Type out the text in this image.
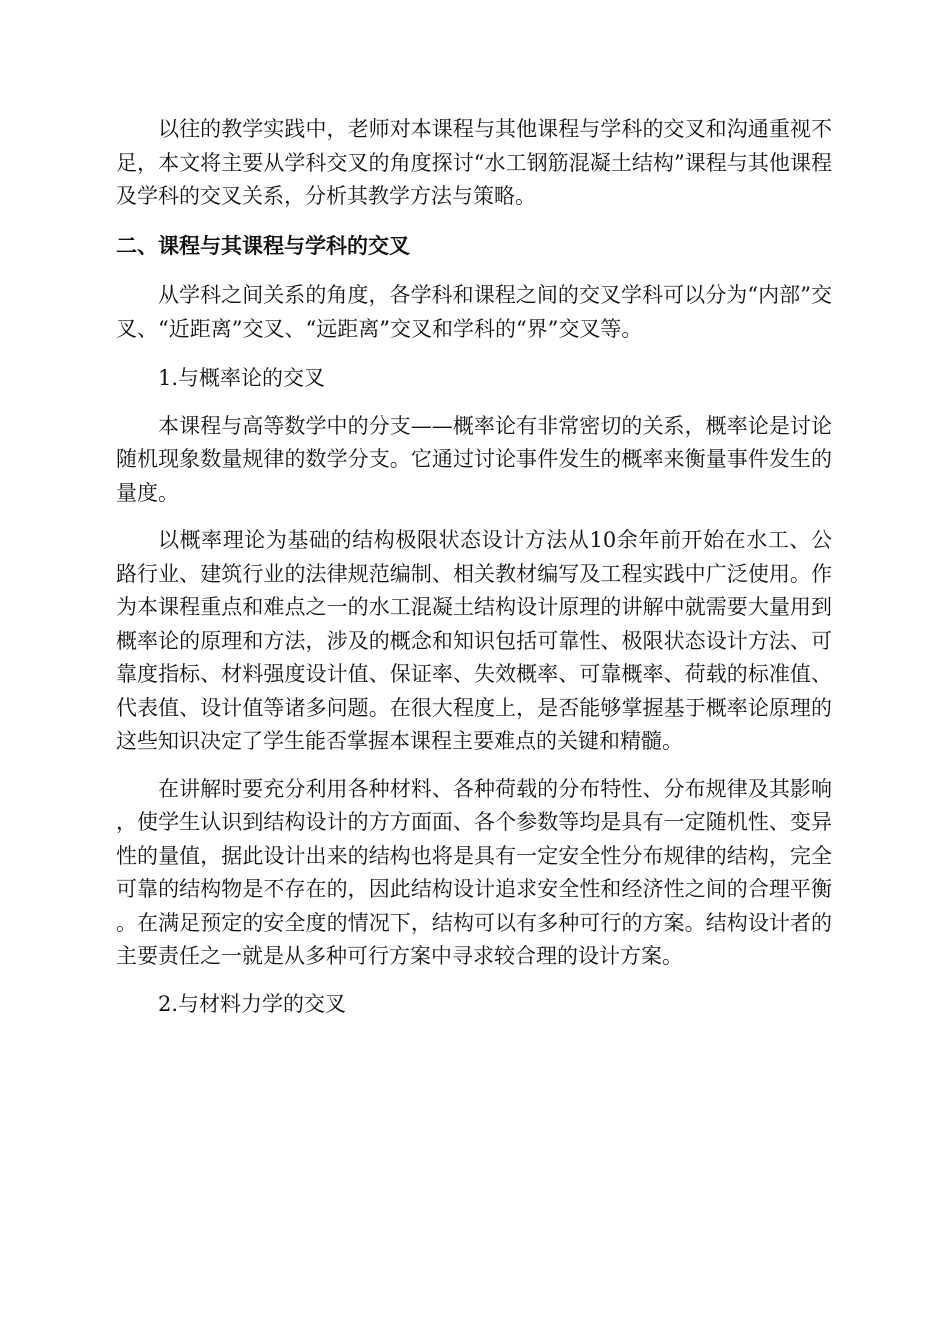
以往的教学实践中，老师对本课程与其他课程与学科的交叉和沟通重视不足，本文将主要从学科交叉的角度探讨“水工钢筋混凝土结构”课程与其他课程及学科的交叉关系，分析其教学方法与策略。

二、课程与其课程与学科的交叉

从学科之间关系的角度，各学科和课程之间的交叉学科可以分为“内部”交叉、“近距离”交叉、“远距离”交叉和学科的“界”交叉等。

1.与概率论的交叉

本课程与高等数学中的分支——概率论有非常密切的关系，概率论是讨论随机现象数量规律的数学分支。它通过讨论事件发生的概率来衡量事件发生的量度。

以概率理论为基础的结构极限状态设计方法从10余年前开始在水工、公路行业、建筑行业的法律规范编制、相关教材编写及工程实践中广泛使用。作为本课程重点和难点之一的水工混凝土结构设计原理的讲解中就需要大量用到概率论的原理和方法，涉及的概念和知识包括可靠性、极限状态设计方法、可靠度指标、材料强度设计值、保证率、失效概率、可靠概率、荷载的标准值、代表值、设计值等诸多问题。在很大程度上，是否能够掌握基于概率论原理的这些知识决定了学生能否掌握本课程主要难点的关键和精髓。

在讲解时要充分利用各种材料、各种荷载的分布特性、分布规律及其影响，使学生认识到结构设计的方方面面、各个参数等均是具有一定随机性、变异性的量值，据此设计出来的结构也将是具有一定安全性分布规律的结构，完全可靠的结构物是不存在的，因此结构设计追求安全性和经济性之间的合理平衡。在满足预定的安全度的情况下，结构可以有多种可行的方案。结构设计者的主要责任之一就是从多种可行方案中寻求较合理的设计方案。

2.与材料力学的交叉
